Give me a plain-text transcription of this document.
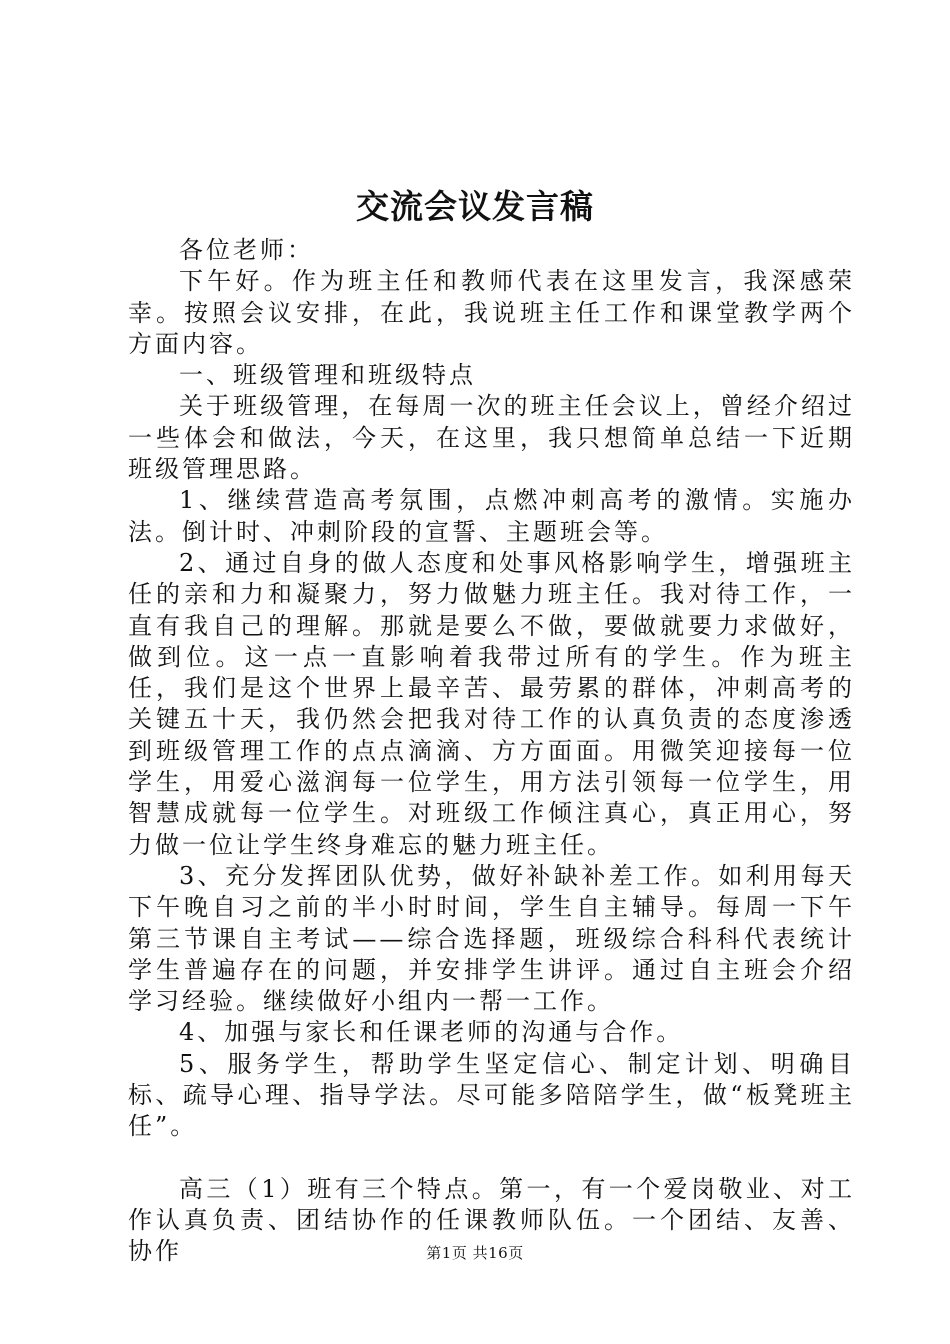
交流会议发言稿

各位老师：

下午好。作为班主任和教师代表在这里发言，我深感荣幸。按照会议安排，在此，我说班主任工作和课堂教学两个方面内容。

一、班级管理和班级特点

关于班级管理，在每周一次的班主任会议上，曾经介绍过一些体会和做法，今天，在这里，我只想简单总结一下近期班级管理思路。

1、继续营造高考氛围，点燃冲刺高考的激情。实施办法。倒计时、冲刺阶段的宣誓、主题班会等。

2、通过自身的做人态度和处事风格影响学生，增强班主任的亲和力和凝聚力，努力做魅力班主任。我对待工作，一直有我自己的理解。那就是要么不做，要做就要力求做好，做到位。这一点一直影响着我带过所有的学生。作为班主任，我们是这个世界上最辛苦、最劳累的群体，冲刺高考的关键五十天，我仍然会把我对待工作的认真负责的态度渗透到班级管理工作的点点滴滴、方方面面。用微笑迎接每一位学生，用爱心滋润每一位学生，用方法引领每一位学生，用智慧成就每一位学生。对班级工作倾注真心，真正用心，努力做一位让学生终身难忘的魅力班主任。

3、充分发挥团队优势，做好补缺补差工作。如利用每天下午晚自习之前的半小时时间，学生自主辅导。每周一下午第三节课自主考试——综合选择题，班级综合科科代表统计学生普遍存在的问题，并安排学生讲评。通过自主班会介绍学习经验。继续做好小组内一帮一工作。

4、加强与家长和任课老师的沟通与合作。

5、服务学生，帮助学生坚定信心、制定计划、明确目标、疏导心理、指导学法。尽可能多陪陪学生，做“板凳班主任”。

高三（1）班有三个特点。第一，有一个爱岗敬业、对工作认真负责、团结协作的任课教师队伍。一个团结、友善、协作	第1页 共16页
